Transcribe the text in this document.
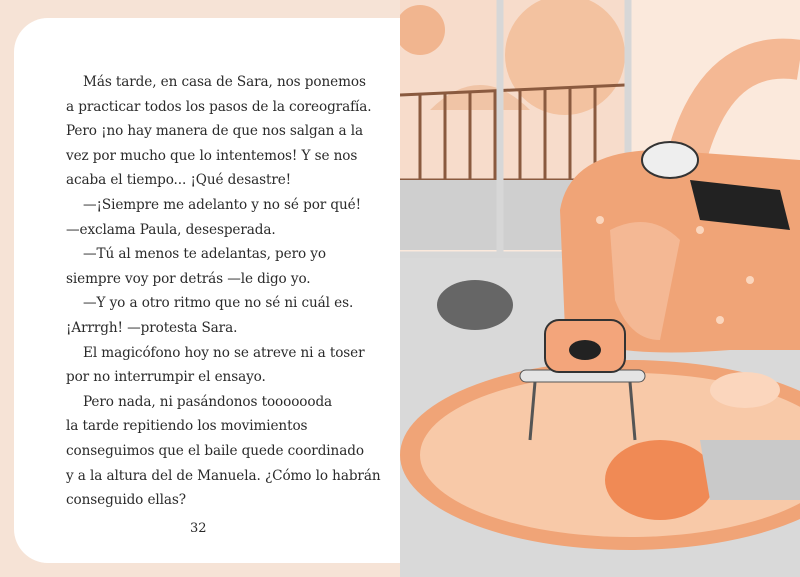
Más tarde, en casa de Sara, nos ponemos
a practicar todos los pasos de la coreografía.
Pero ¡no hay manera de que nos salgan a la
vez por mucho que lo intentemos! Y se nos
acaba el tiempo... ¡Qué desastre!
—¡Siempre me adelanto y no sé por qué!
—exclama Paula, desesperada.
—Tú al menos te adelantas, pero yo
siempre voy por detrás —le digo yo.
—Y yo a otro ritmo que no sé ni cuál es.
¡Arrrgh! —protesta Sara.
El magicófono hoy no se atreve ni a toser
por no interrumpir el ensayo.
Pero nada, ni pasándonos tooooooda
la tarde repitiendo los movimientos
conseguimos que el baile quede coordinado
y a la altura del de Manuela. ¿Cómo lo habrán
conseguido ellas?
32
